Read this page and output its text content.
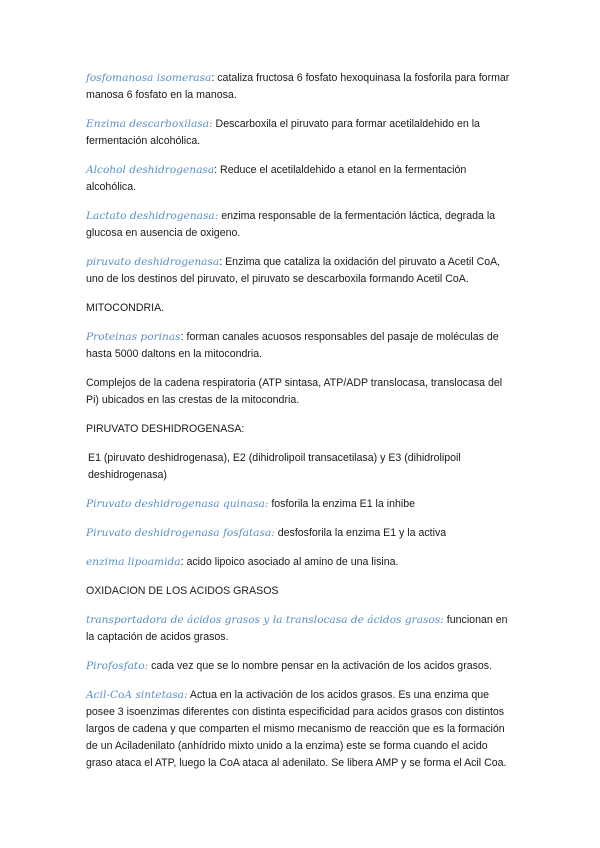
fosfomanosa isomerasa: cataliza fructosa 6 fosfato hexoquinasa la fosforila para formar manosa 6 fosfato en la manosa.

Enzima descarboxilasa: Descarboxila el piruvato para formar acetilaldehido en la fermentación alcohólica.

Alcohol deshidrogenasa: Reduce el acetilaldehido a etanol en la fermentación alcohólica.

Lactato deshidrogenasa: enzima responsable de la fermentación láctica, degrada la glucosa en ausencia de oxigeno.

piruvato deshidrogenasa: Enzima que cataliza la oxidación del piruvato a Acetil CoA, uno de los destinos del piruvato, el piruvato se descarboxila formando Acetil CoA.

MITOCONDRIA.

Proteinas porinas: forman canales acuosos responsables del pasaje de moléculas de hasta 5000 daltons en la mitocondria.

Complejos de la cadena respiratoria (ATP sintasa, ATP/ADP translocasa, translocasa del Pi) ubicados en las crestas de la mitocondria.

PIRUVATO DESHIDROGENASA:

E1 (piruvato deshidrogenasa), E2 (dihidrolipoil transacetilasa) y E3 (dihidrolipoil deshidrogenasa)

Piruvato deshidrogenasa quinasa: fosforila la enzima E1 la inhibe

Piruvato deshidrogenasa fosfatasa: desfosforila la enzima E1 y la activa

enzima lipoamida: acido lipoico asociado al amino de una lisina.

OXIDACION DE LOS ACIDOS GRASOS

transportadora de ácidos grasos y la translocasa de ácidos grasos: funcionan en la captación de acidos grasos.

Pirofosfato: cada vez que se lo nombre pensar en la activación de los acidos grasos.

Acil-CoA sintetasa: Actua en la activación de los acidos grasos. Es una enzima que posee 3 isoenzimas diferentes con distinta especificidad para acidos grasos con distintos largos de cadena y que comparten el mismo mecanismo de reacción que es la formación de un Aciladenilato (anhídrido mixto unido a la enzima) este se forma cuando el acido graso ataca el ATP, luego la CoA ataca al adenilato. Se libera AMP y se forma el Acil Coa.
